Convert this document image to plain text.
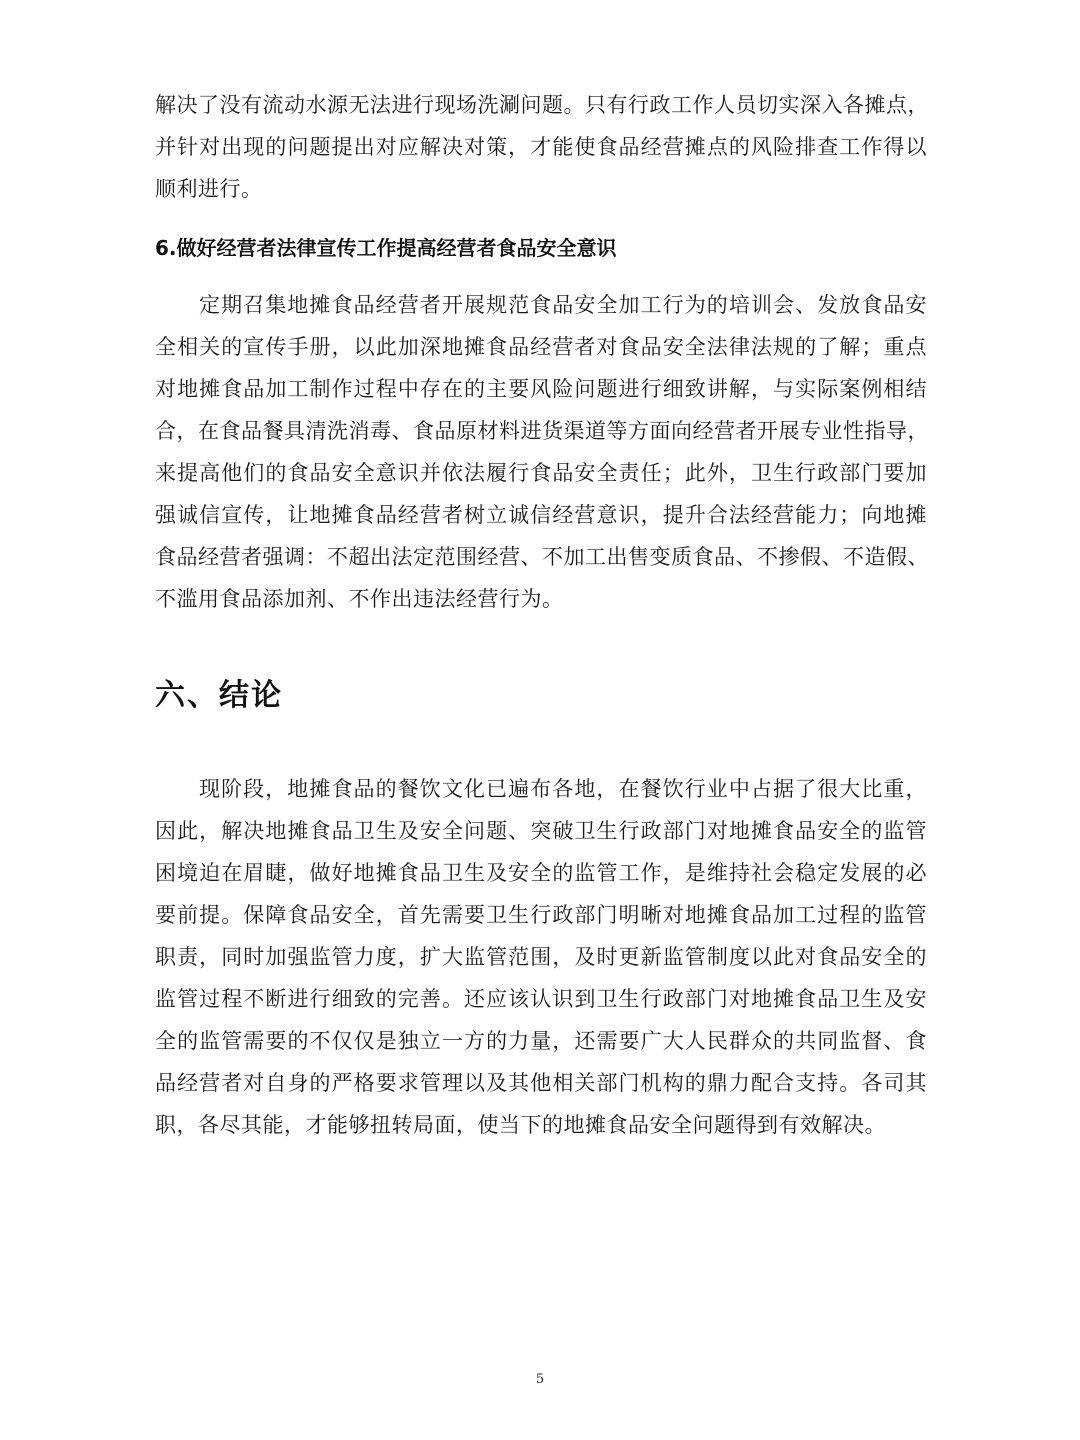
解决了没有流动水源无法进行现场洗涮问题。只有行政工作人员切实深入各摊点，
并针对出现的问题提出对应解决对策，才能使食品经营摊点的风险排查工作得以
顺利进行。
6.做好经营者法律宣传工作提高经营者食品安全意识
定期召集地摊食品经营者开展规范食品安全加工行为的培训会、发放食品安
全相关的宣传手册，以此加深地摊食品经营者对食品安全法律法规的了解；重点
对地摊食品加工制作过程中存在的主要风险问题进行细致讲解，与实际案例相结
合，在食品餐具清洗消毒、食品原材料进货渠道等方面向经营者开展专业性指导，
来提高他们的食品安全意识并依法履行食品安全责任；此外，卫生行政部门要加
强诚信宣传，让地摊食品经营者树立诚信经营意识，提升合法经营能力；向地摊
食品经营者强调：不超出法定范围经营、不加工出售变质食品、不掺假、不造假、
不滥用食品添加剂、不作出违法经营行为。
六、结论
现阶段，地摊食品的餐饮文化已遍布各地，在餐饮行业中占据了很大比重，
因此，解决地摊食品卫生及安全问题、突破卫生行政部门对地摊食品安全的监管
困境迫在眉睫，做好地摊食品卫生及安全的监管工作，是维持社会稳定发展的必
要前提。保障食品安全，首先需要卫生行政部门明晰对地摊食品加工过程的监管
职责，同时加强监管力度，扩大监管范围，及时更新监管制度以此对食品安全的
监管过程不断进行细致的完善。还应该认识到卫生行政部门对地摊食品卫生及安
全的监管需要的不仅仅是独立一方的力量，还需要广大人民群众的共同监督、食
品经营者对自身的严格要求管理以及其他相关部门机构的鼎力配合支持。各司其
职，各尽其能，才能够扭转局面，使当下的地摊食品安全问题得到有效解决。
5
